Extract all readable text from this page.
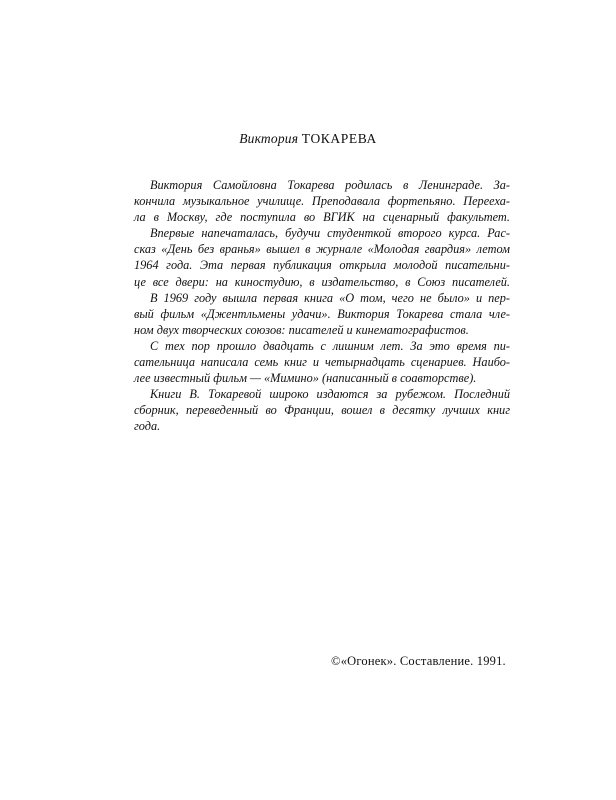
Виктория ТОКАРЕВА
Виктория Самойловна Токарева родилась в Ленинграде. За-
кончила музыкальное училище. Преподавала фортепьяно. Перееха-
ла в Москву, где поступила во ВГИК на сценарный факультет.
Впервые напечаталась, будучи студенткой второго курса. Рас-
сказ «День без вранья» вышел в журнале «Молодая гвардия» летом
1964 года. Эта первая публикация открыла молодой писательни-
це все двери: на киностудию, в издательство, в Союз писателей.
В 1969 году вышла первая книга «О том, чего не было» и пер-
вый фильм «Джентльмены удачи». Виктория Токарева стала чле-
ном двух творческих союзов: писателей и кинематографистов.
С тех пор прошло двадцать с лишним лет. За это время пи-
сательница написала семь книг и четырнадцать сценариев. Наибо-
лее известный фильм — «Мимино» (написанный в соавторстве).
Книги В. Токаревой широко издаются за рубежом. Последний
сборник, переведенный во Франции, вошел в десятку лучших книг
года.
©«Огонек». Составление. 1991.
